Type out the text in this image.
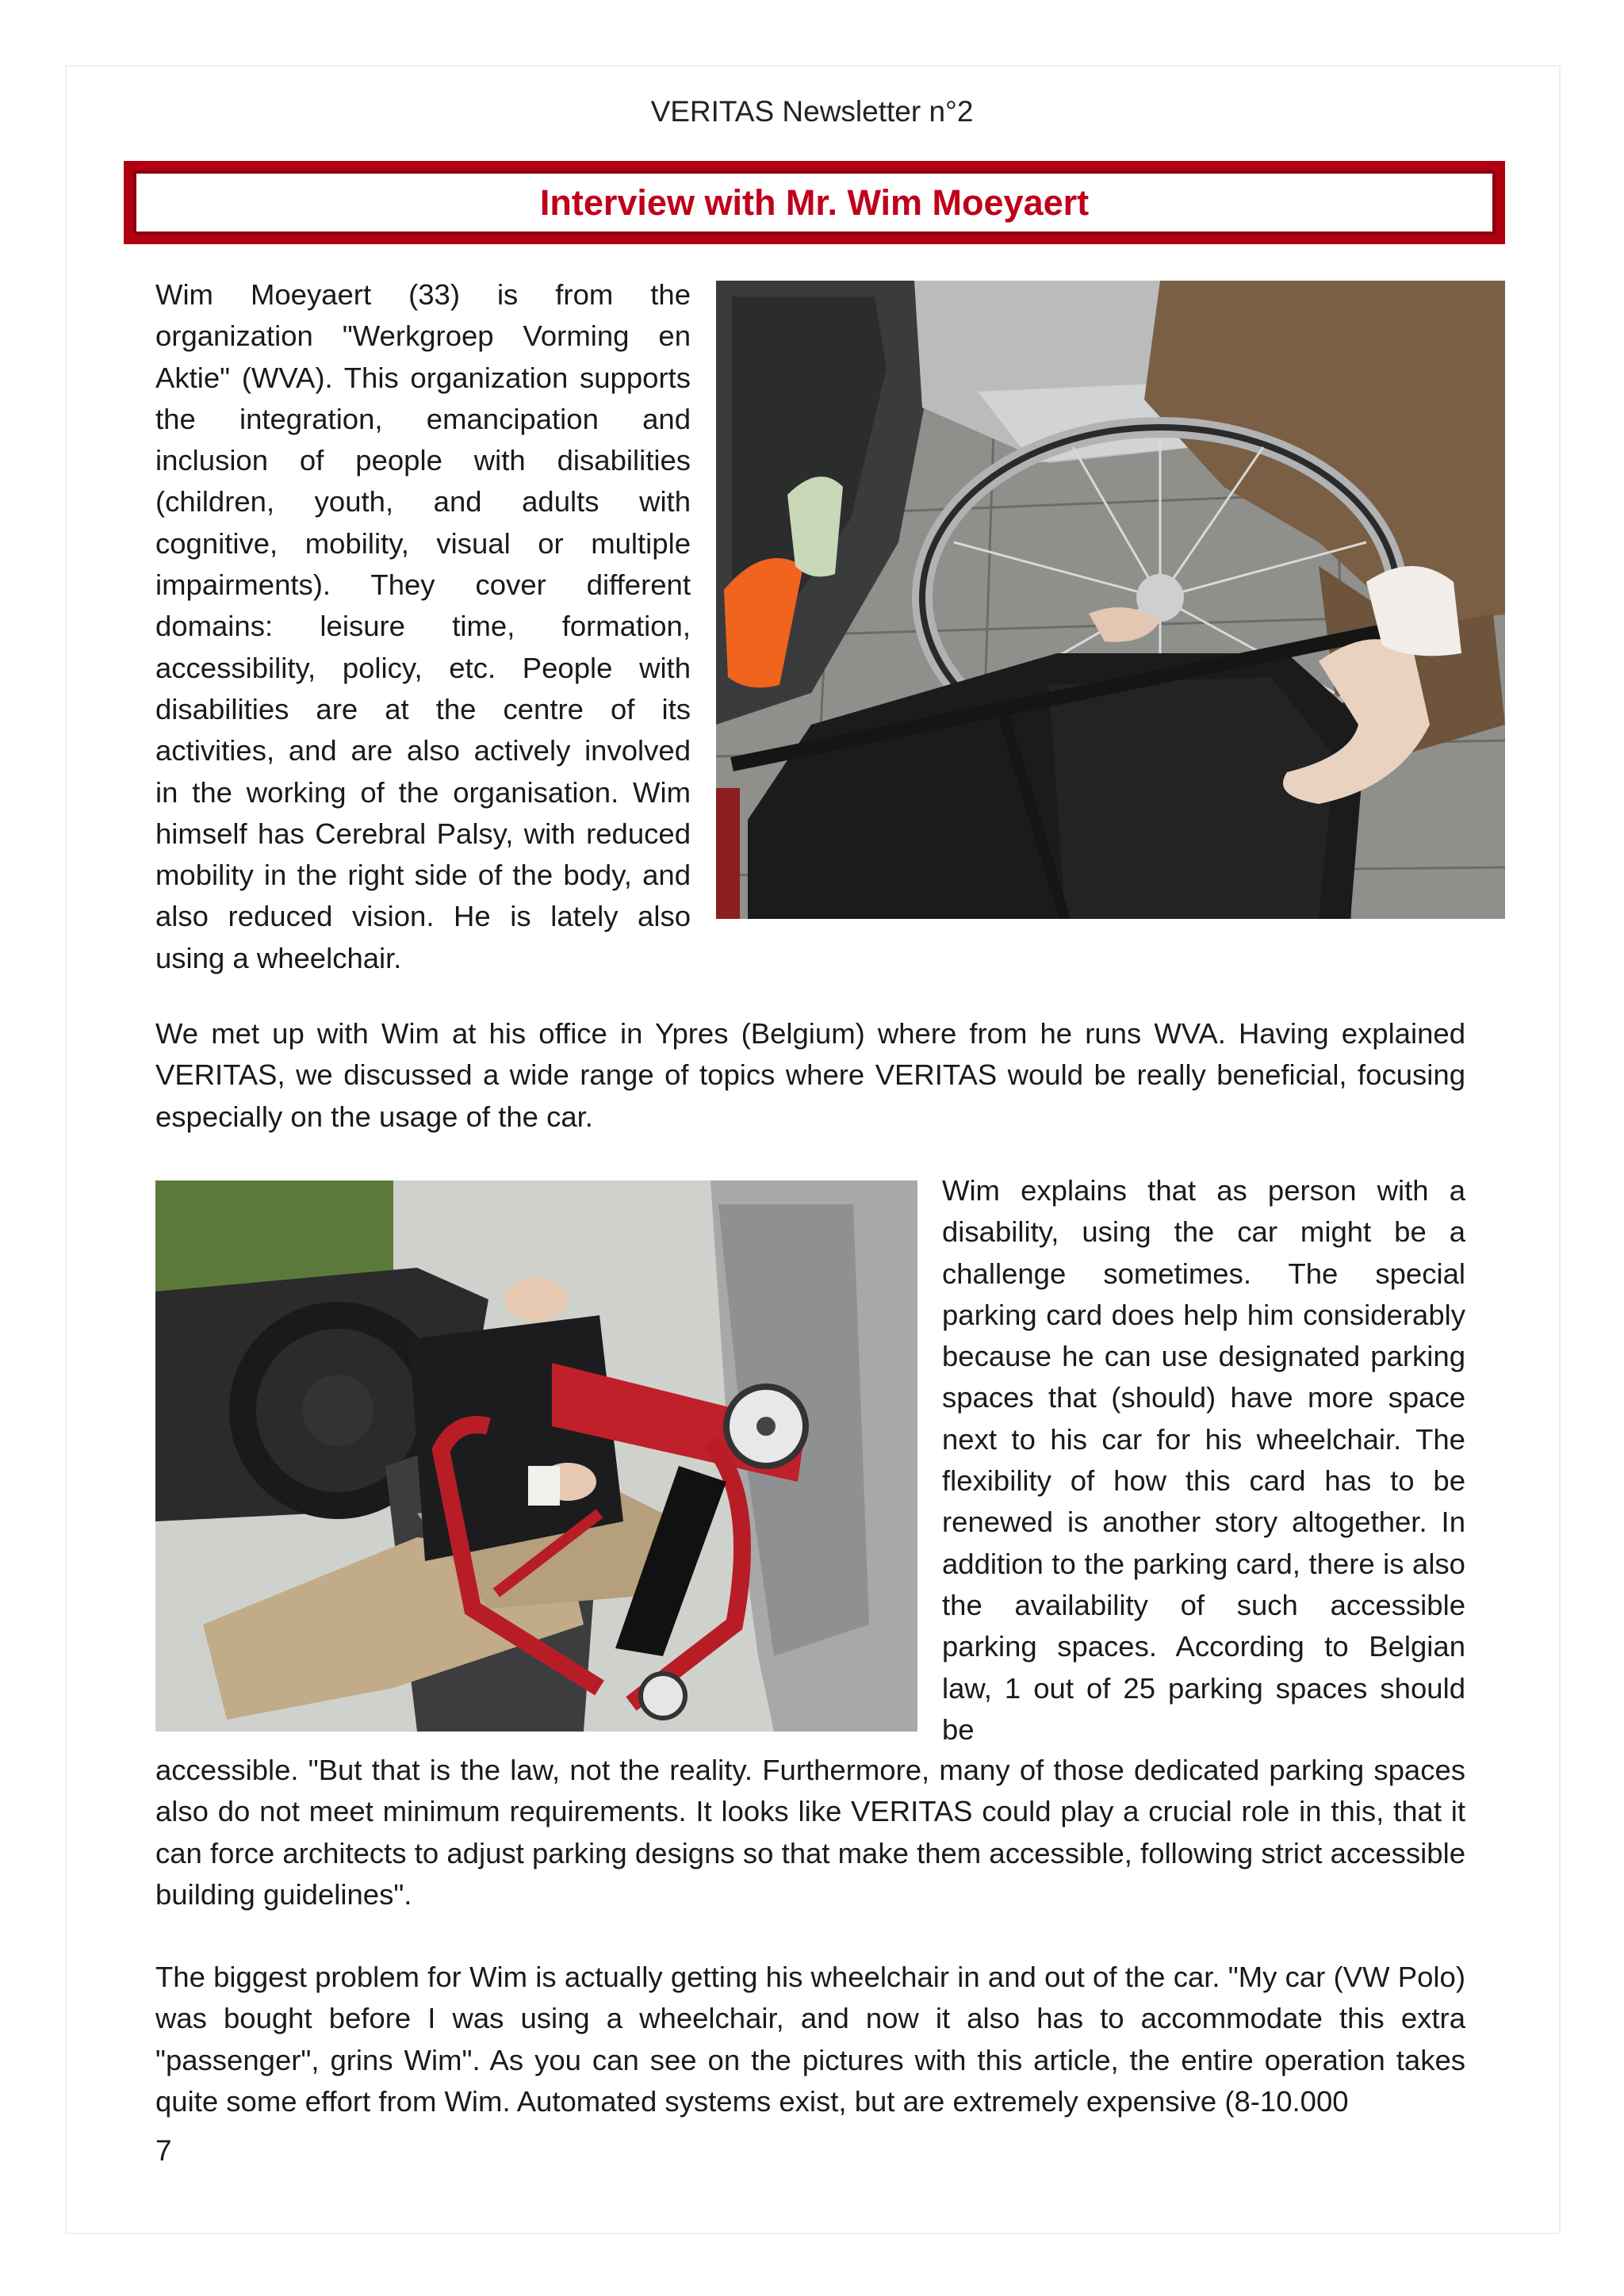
VERITAS Newsletter n°2
Interview with Mr. Wim Moeyaert

Wim Moeyaert (33) is from the organization "Werkgroep Vorming en Aktie" (WVA). This organization supports the integration, emancipation and inclusion of people with disabilities (children, youth, and adults with cognitive, mobility, visual or multiple impairments). They cover different domains: leisure time, formation, accessibility, policy, etc. People with disabilities are at the centre of its activities, and are also actively involved in the working of the organisation. Wim himself has Cerebral Palsy, with reduced mobility in the right side of the body, and also reduced vision. He is lately also using a wheelchair.

We met up with Wim at his office in Ypres (Belgium) where from he runs WVA. Having explained VERITAS, we discussed a wide range of topics where VERITAS would be really beneficial, focusing especially on the usage of the car.

Wim explains that as person with a disability, using the car might be a challenge sometimes. The special parking card does help him considerably because he can use designated parking spaces that (should) have more space next to his car for his wheelchair. The flexibility of how this card has to be renewed is another story altogether. In addition to the parking card, there is also the availability of such accessible parking spaces. According to Belgian law, 1 out of 25 parking spaces should be

accessible. "But that is the law, not the reality. Furthermore, many of those dedicated parking spaces also do not meet minimum requirements. It looks like VERITAS could play a crucial role in this, that it can force architects to adjust parking designs so that make them accessible, following strict accessible building guidelines".

The biggest problem for Wim is actually getting his wheelchair in and out of the car. "My car (VW Polo) was bought before I was using a wheelchair, and now it also has to accommodate this extra "passenger", grins Wim". As you can see on the pictures with this article, the entire operation takes quite some effort from Wim. Automated systems exist, but are extremely expensive (8-10.000

7
